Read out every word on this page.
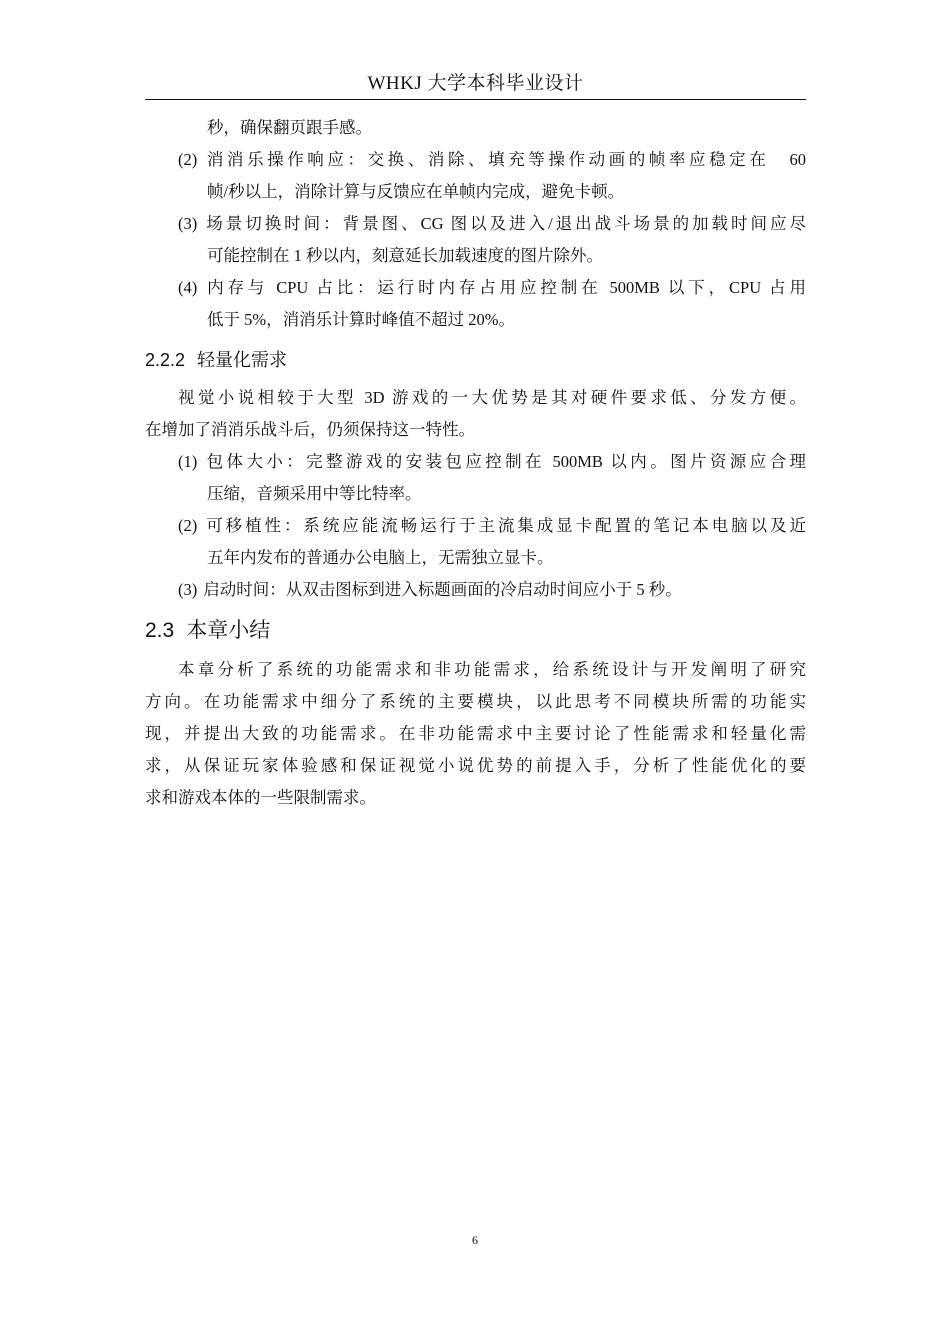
WHKJ 大学本科毕业设计
秒，确保翻页跟手感。
(2) 消消乐操作响应：交换、消除、填充等操作动画的帧率应稳定在　60
帧/秒以上，消除计算与反馈应在单帧内完成，避免卡顿。
(3) 场景切换时间：背景图、CG 图以及进入/退出战斗场景的加载时间应尽
可能控制在 1 秒以内，刻意延长加载速度的图片除外。
(4) 内存与 CPU 占比：运行时内存占用应控制在 500MB 以下，CPU 占用
低于 5%，消消乐计算时峰值不超过 20%。
2.2.2 轻量化需求
视觉小说相较于大型 3D 游戏的一大优势是其对硬件要求低、分发方便。
在增加了消消乐战斗后，仍须保持这一特性。
(1) 包体大小：完整游戏的安装包应控制在 500MB 以内。图片资源应合理
压缩，音频采用中等比特率。
(2) 可移植性：系统应能流畅运行于主流集成显卡配置的笔记本电脑以及近
五年内发布的普通办公电脑上，无需独立显卡。
(3) 启动时间：从双击图标到进入标题画面的冷启动时间应小于 5 秒。
2.3 本章小结
本章分析了系统的功能需求和非功能需求，给系统设计与开发阐明了研究
方向。在功能需求中细分了系统的主要模块，以此思考不同模块所需的功能实
现，并提出大致的功能需求。在非功能需求中主要讨论了性能需求和轻量化需
求，从保证玩家体验感和保证视觉小说优势的前提入手，分析了性能优化的要
求和游戏本体的一些限制需求。
6
